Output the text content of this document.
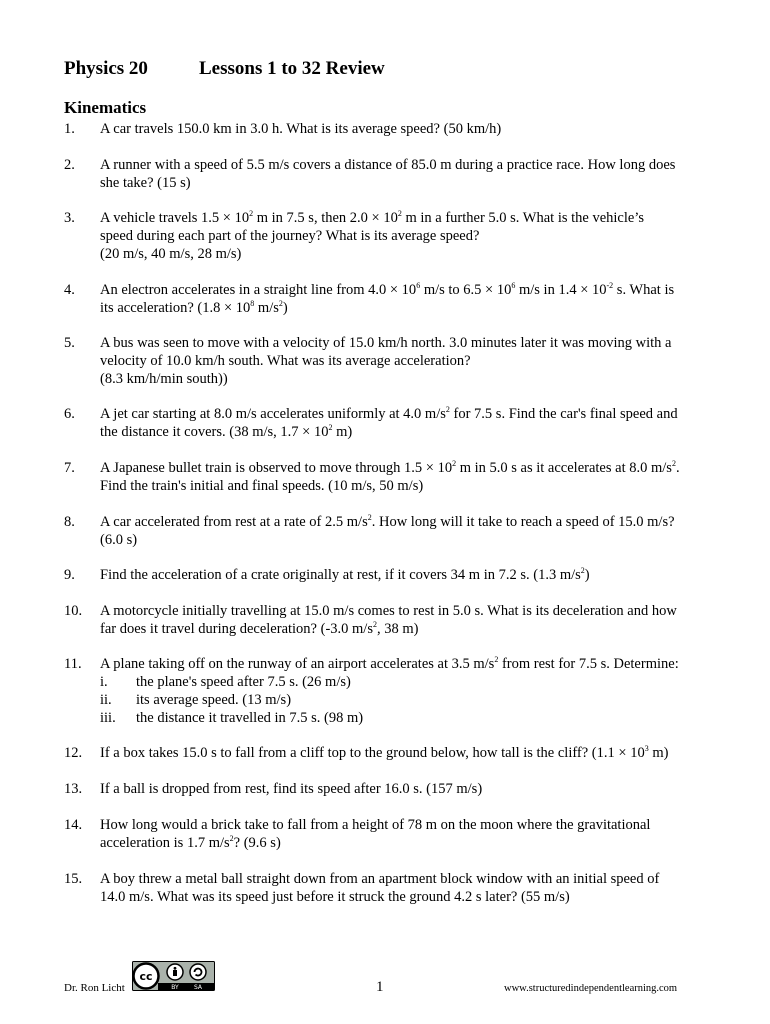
Physics 20	Lessons 1 to 32 Review
Kinematics
1. A car travels 150.0 km in 3.0 h. What is its average speed? (50 km/h)

2. A runner with a speed of 5.5 m/s covers a distance of 85.0 m during a practice race. How long does

she take? (15 s)

3. A vehicle travels $1.5 \times 10^2$ m in 7.5 s, then $2.0 \times 10^2$ m in a further 5.0 s. What is the vehicle’s

speed during each part of the journey? What is its average speed?

(20 m/s, 40 m/s, 28 m/s)

4. An electron accelerates in a straight line from $4.0 \times 10^6$ m/s to $6.5 \times 10^6$ m/s in $1.4 \times 10^{-2}$ s. What is

its acceleration? ($1.8 \times 10^8$ $m/s^2$)

5. A bus was seen to move with a velocity of 15.0 km/h north. 3.0 minutes later it was moving with a

velocity of 10.0 km/h south. What was its average acceleration?

(8.3 km/h/min south))

6. A jet car starting at 8.0 m/s accelerates uniformly at 4.0 $m/s^2$ for 7.5 s. Find the car's final speed and

the distance it covers. (38 m/s, $1.7 \times 10^2$ m)

7. A Japanese bullet train is observed to move through $1.5 \times 10^2$ m in 5.0 s as it accelerates at 8.0 $m/s^2$.

Find the train's initial and final speeds. (10 m/s, 50 m/s)

8. A car accelerated from rest at a rate of 2.5 $m/s^2$. How long will it take to reach a speed of 15.0 m/s?

(6.0 s)

9. Find the acceleration of a crate originally at rest, if it covers 34 m in 7.2 s. (1.3 $m/s^2$)

10. A motorcycle initially travelling at 15.0 m/s comes to rest in 5.0 s. What is its deceleration and how

far does it travel during deceleration? (-3.0 $m/s^2$, 38 m)

11. A plane taking off on the runway of an airport accelerates at 3.5 $m/s^2$ from rest for 7.5 s. Determine:

i. the plane's speed after 7.5 s. (26 m/s)
ii. its average speed. (13 m/s)
iii. the distance it travelled in 7.5 s. (98 m)
12. If a box takes 15.0 s to fall from a cliff top to the ground below, how tall is the cliff? ($1.1 \times 10^3$ m)

13. If a ball is dropped from rest, find its speed after 16.0 s. (157 m/s)

14. How long would a brick take to fall from a height of 78 m on the moon where the gravitational

acceleration is 1.7 $m/s^2$? (9.6 s)

15. A boy threw a metal ball straight down from an apartment block window with an initial speed of

14.0 m/s. What was its speed just before it struck the ground 4.2 s later? (55 m/s)

Dr. Ron Licht
cc
BY	SA	1	www.structuredindependentlearning.com
